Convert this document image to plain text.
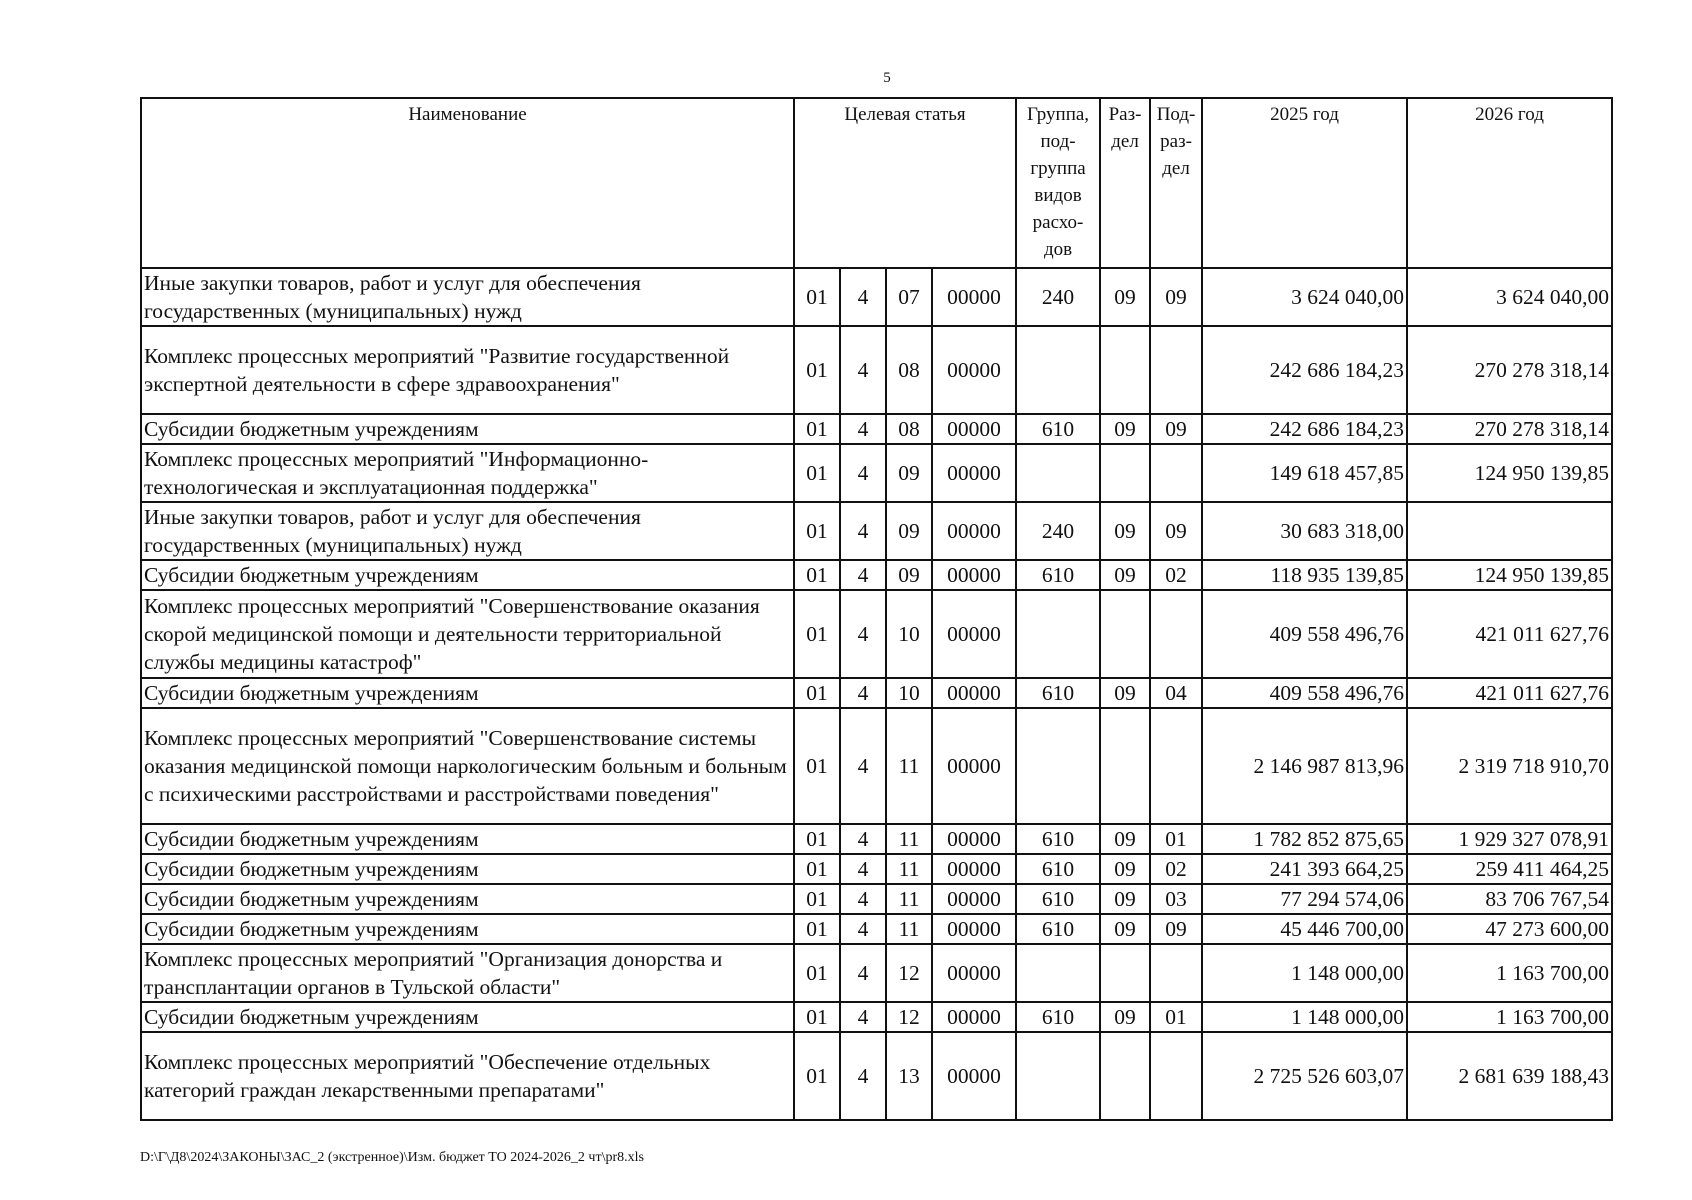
5
Наименование	Целевая статья				Группа, под- группа видов расхо- дов	Раз- дел	Под- раз- дел	2025 год	2026 год
Иные закупки товаров, работ и услуг для обеспечения государственных (муниципальных) нужд	01	4	07	00000	240	09	09	3 624 040,00	3 624 040,00
Комплекс процессных мероприятий "Развитие государственной экспертной деятельности в сфере здравоохранения"	01	4	08	00000				242 686 184,23	270 278 318,14
Субсидии бюджетным учреждениям	01	4	08	00000	610	09	09	242 686 184,23	270 278 318,14
Комплекс процессных мероприятий "Информационно-технологическая и эксплуатационная поддержка"	01	4	09	00000				149 618 457,85	124 950 139,85
Иные закупки товаров, работ и услуг для обеспечения государственных (муниципальных) нужд	01	4	09	00000	240	09	09	30 683 318,00	
Субсидии бюджетным учреждениям	01	4	09	00000	610	09	02	118 935 139,85	124 950 139,85
Комплекс процессных мероприятий "Совершенствование оказания скорой медицинской помощи и деятельности территориальной службы медицины катастроф"	01	4	10	00000				409 558 496,76	421 011 627,76
Субсидии бюджетным учреждениям	01	4	10	00000	610	09	04	409 558 496,76	421 011 627,76
Комплекс процессных мероприятий "Совершенствование системы оказания медицинской помощи наркологическим больным и больным с психическими расстройствами и расстройствами поведения"	01	4	11	00000				2 146 987 813,96	2 319 718 910,70
Субсидии бюджетным учреждениям	01	4	11	00000	610	09	01	1 782 852 875,65	1 929 327 078,91
Субсидии бюджетным учреждениям	01	4	11	00000	610	09	02	241 393 664,25	259 411 464,25
Субсидии бюджетным учреждениям	01	4	11	00000	610	09	03	77 294 574,06	83 706 767,54
Субсидии бюджетным учреждениям	01	4	11	00000	610	09	09	45 446 700,00	47 273 600,00
Комплекс процессных мероприятий "Организация донорства и трансплантации органов в Тульской области"	01	4	12	00000				1 148 000,00	1 163 700,00
Субсидии бюджетным учреждениям	01	4	12	00000	610	09	01	1 148 000,00	1 163 700,00
Комплекс процессных мероприятий "Обеспечение отдельных категорий граждан лекарственными препаратами"	01	4	13	00000				2 725 526 603,07	2 681 639 188,43
D:\Г\Д8\2024\ЗАКОНЫ\ЗАС_2 (экстренное)\Изм. бюджет ТО 2024-2026_2 чт\pr8.xls
